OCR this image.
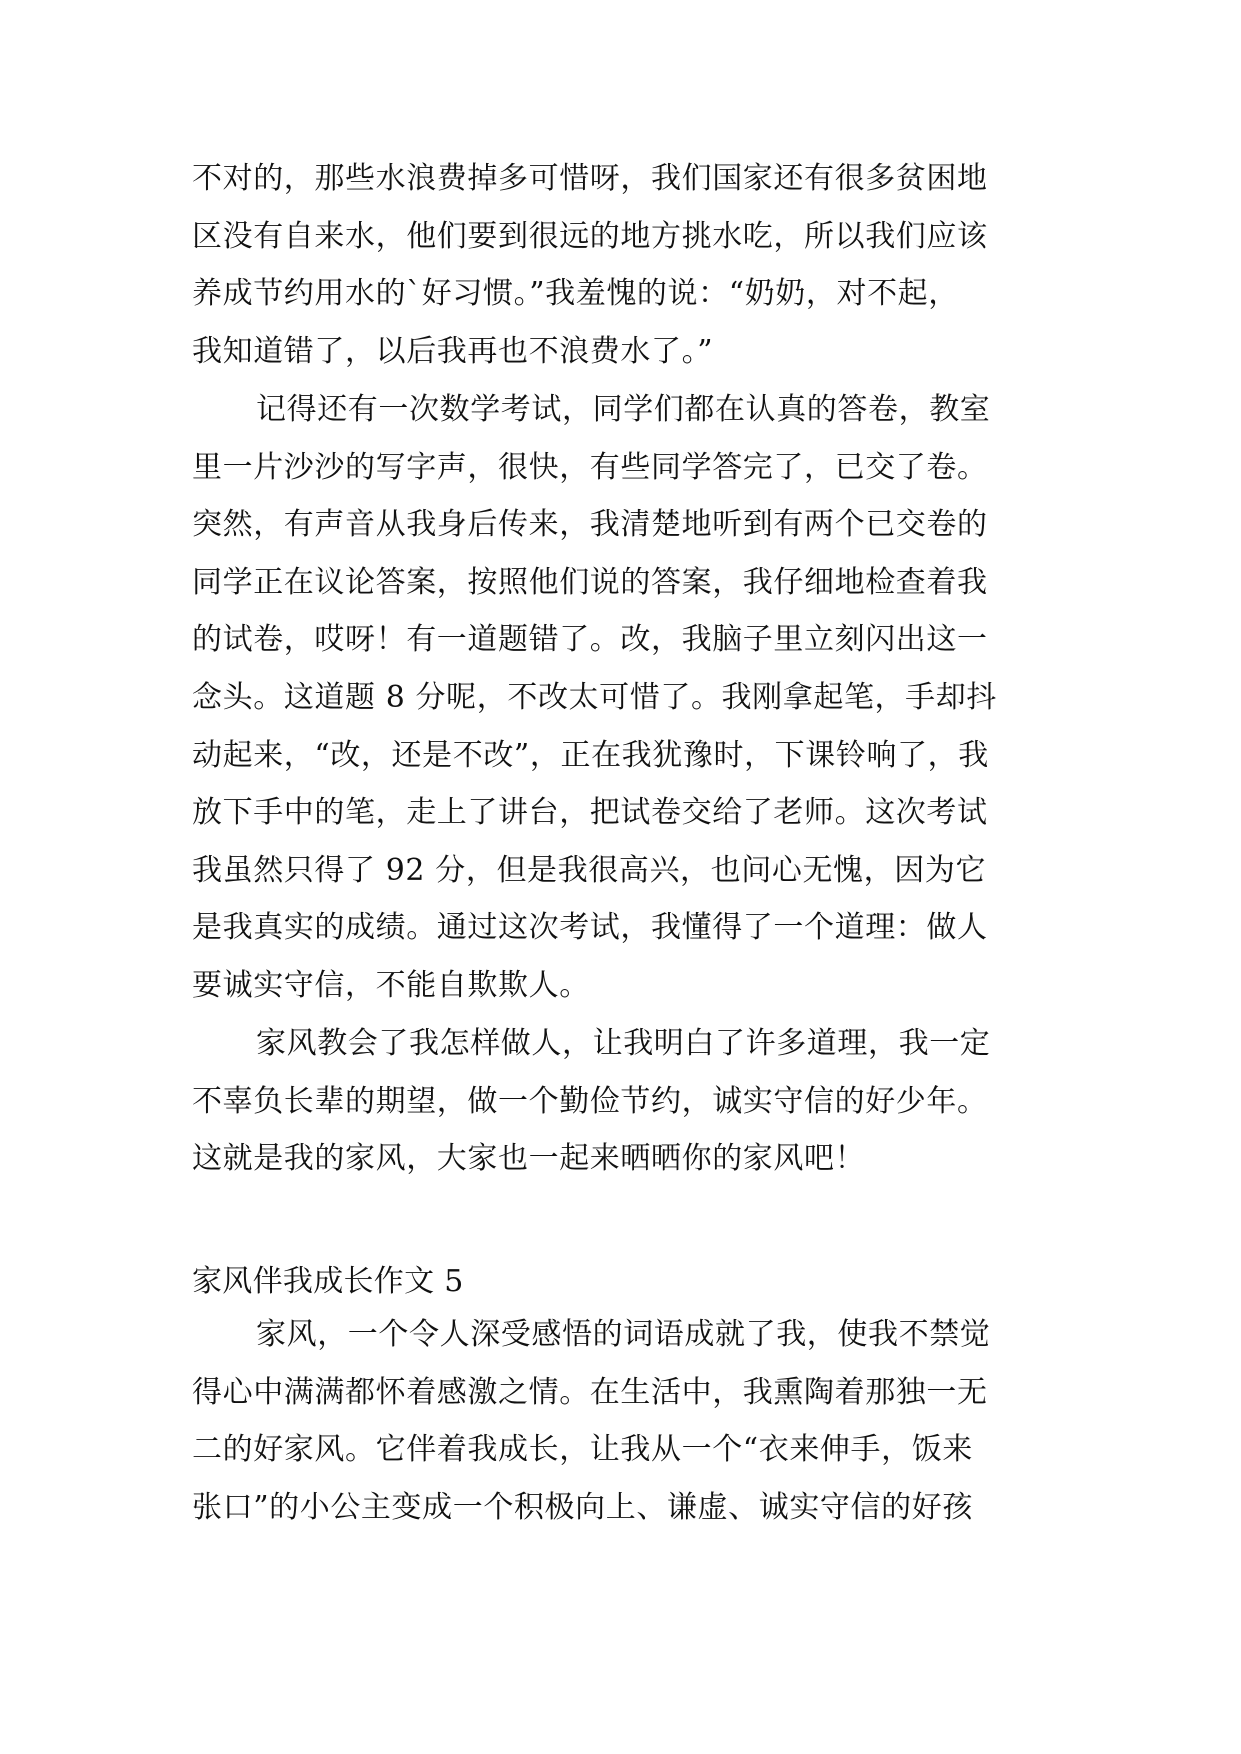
不对的，那些水浪费掉多可惜呀，我们国家还有很多贫困地
区没有自来水，他们要到很远的地方挑水吃，所以我们应该
养成节约用水的`好习惯。”我羞愧的说：“奶奶，对不起，
我知道错了，以后我再也不浪费水了。”
记得还有一次数学考试，同学们都在认真的答卷，教室
里一片沙沙的写字声，很快，有些同学答完了，已交了卷。
突然，有声音从我身后传来，我清楚地听到有两个已交卷的
同学正在议论答案，按照他们说的答案，我仔细地检查着我
的试卷，哎呀！有一道题错了。改，我脑子里立刻闪出这一
念头。这道题 8 分呢，不改太可惜了。我刚拿起笔，手却抖
动起来，“改，还是不改”，正在我犹豫时，下课铃响了，我
放下手中的笔，走上了讲台，把试卷交给了老师。这次考试
我虽然只得了 92 分，但是我很高兴，也问心无愧，因为它
是我真实的成绩。通过这次考试，我懂得了一个道理：做人
要诚实守信，不能自欺欺人。
家风教会了我怎样做人，让我明白了许多道理，我一定
不辜负长辈的期望，做一个勤俭节约，诚实守信的好少年。
这就是我的家风，大家也一起来晒晒你的家风吧！
家风伴我成长作文 5
家风，一个令人深受感悟的词语成就了我，使我不禁觉
得心中满满都怀着感激之情。在生活中，我熏陶着那独一无
二的好家风。它伴着我成长，让我从一个“衣来伸手，饭来
张口”的小公主变成一个积极向上、谦虚、诚实守信的好孩
